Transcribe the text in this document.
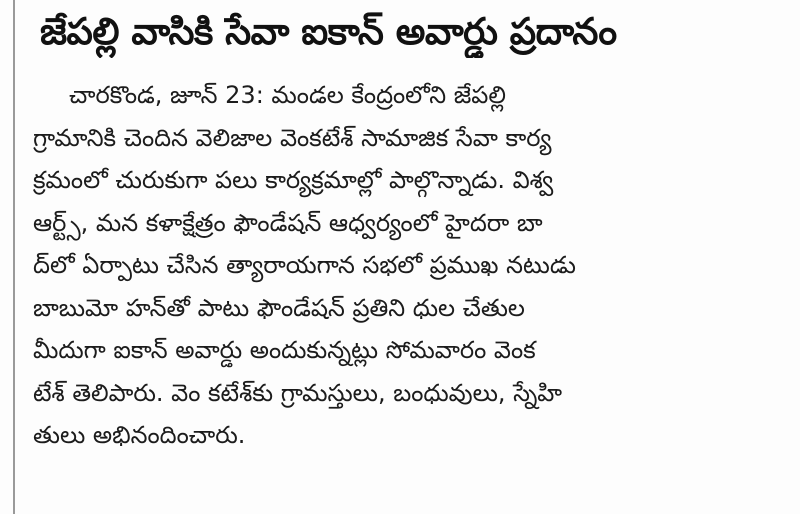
జేపల్లి వాసికి సేవా ఐకాన్ అవార్డు ప్రదానం
చారకొండ, జూన్ 23: మండల కేంద్రంలోని జేపల్లి
గ్రామానికి చెందిన వెలిజాల వెంకటేశ్ సామాజిక సేవా కార్య
క్రమంలో చురుకుగా పలు కార్యక్రమాల్లో పాల్గొన్నాడు. విశ్వ
ఆర్ట్స్, మన కళాక్షేత్రం ఫౌండేషన్ ఆధ్వర్యంలో హైదరా బా
ద్‌లో ఏర్పాటు చేసిన త్యారాయగాన సభలో ప్రముఖ నటుడు
బాబుమో హన్‌తో పాటు ఫౌండేషన్ ప్రతిని ధుల చేతుల
మీదుగా ఐకాన్ అవార్డు అందుకున్నట్లు సోమవారం వెంక
టేశ్ తెలిపారు. వెం కటేశ్‌కు గ్రామస్తులు, బంధువులు, స్నేహి
తులు అభినందించారు.
